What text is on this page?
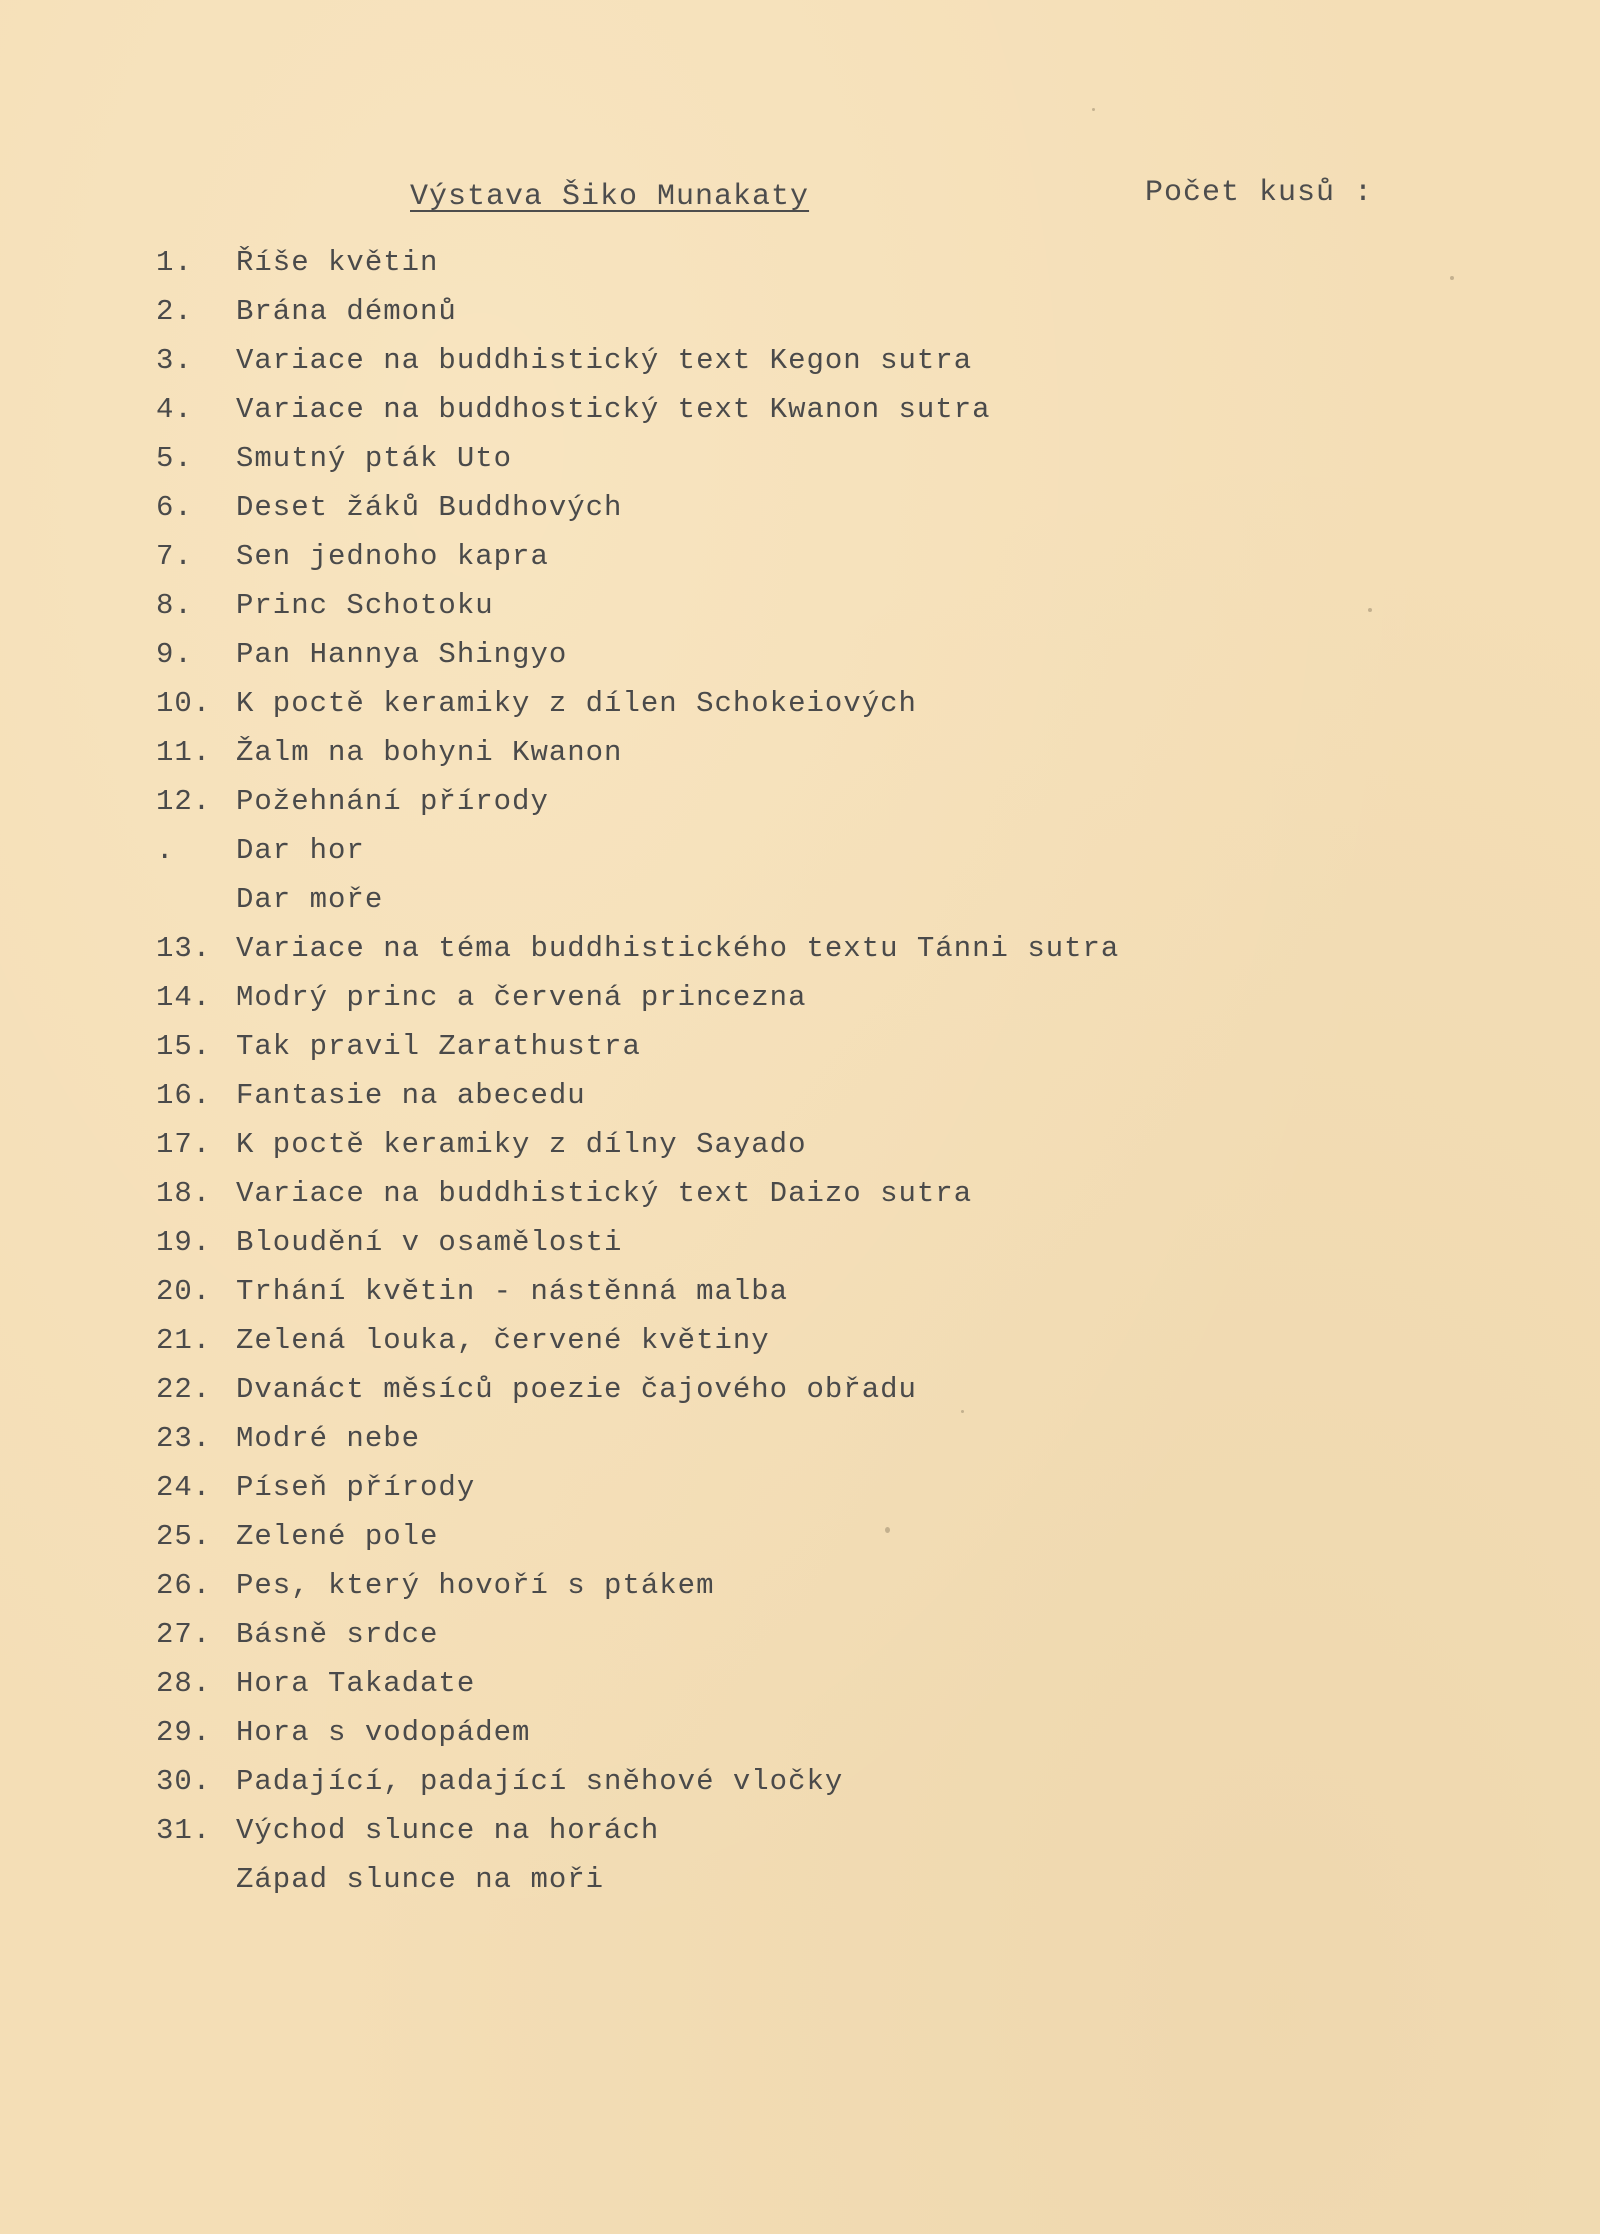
Výstava Šiko Munakaty	Počet kusů :
1.	Říše květin
2.	Brána démonů
3.	Variace na buddhistický text Kegon sutra
4.	Variace na buddhostický text Kwanon sutra
5.	Smutný pták Uto
6.	Deset žáků Buddhových
7.	Sen jednoho kapra
8.	Princ Schotoku
9.	Pan Hannya Shingyo
10. K poctě keramiky z dílen Schokeiových
11. Žalm na bohyni Kwanon
12. Požehnání přírody
.	Dar hor
Dar moře
13. Variace na téma buddhistického textu Tánni sutra
14. Modrý princ a červená princezna
15. Tak pravil Zarathustra
16. Fantasie na abecedu
17. K poctě keramiky z dílny Sayado
18. Variace na buddhistický text Daizo sutra
19. Bloudění v osamělosti
20. Trhání květin - nástěnná malba
21. Zelená louka, červené květiny
22. Dvanáct měsíců poezie čajového obřadu
23. Modré nebe
24. Píseň přírody
25. Zelené pole
26. Pes, který hovoří s ptákem
27. Básně srdce
28. Hora Takadate
29. Hora s vodopádem
30. Padající, padající sněhové vločky
31. Východ slunce na horách
Západ slunce na moři
